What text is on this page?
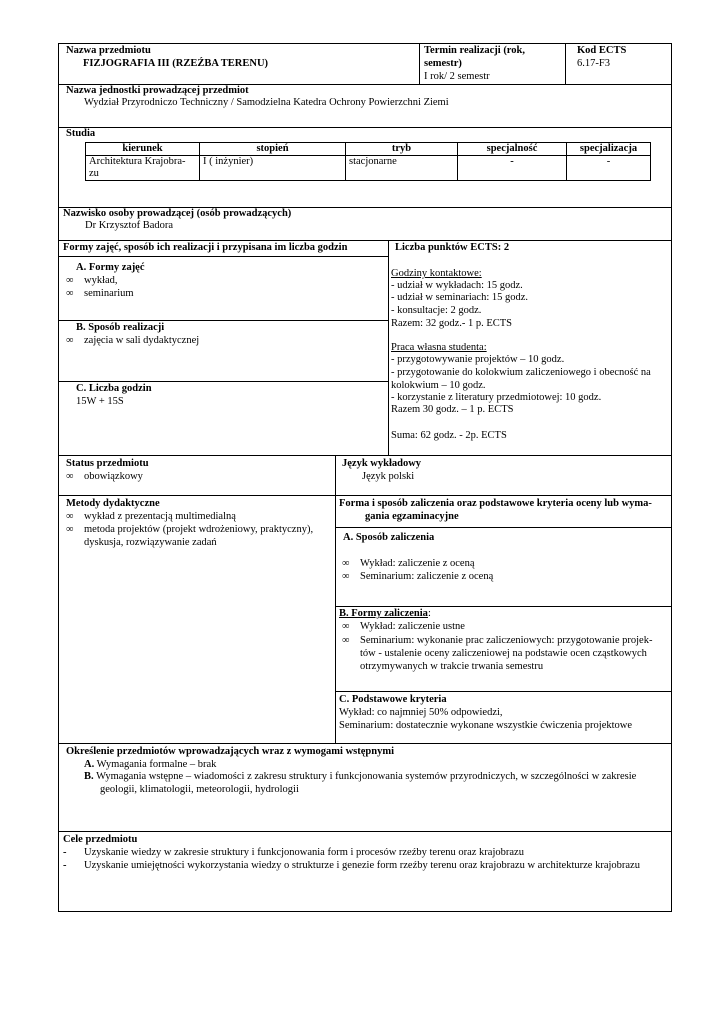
Nazwa przedmiotu
FIZJOGRAFIA III (RZEŹBA TERENU)
Termin realizacji (rok,
semestr)
I rok/ 2 semestr
Kod ECTS
6.17-F3
Nazwa jednostki prowadzącej przedmiot
Wydział Przyrodniczo Techniczny / Samodzielna Katedra Ochrony Powierzchni Ziemi
Studia
kierunek	stopień	tryb	specjalność	specjalizacja

Architektura Krajobra-
zu	I ( inżynier)	stacjonarne	-	-
Nazwisko osoby prowadzącej (osób prowadzących)
Dr Krzysztof Badora
Formy zajęć, sposób ich realizacji i przypisana im liczba godzin
A. Formy zajęć
∞ wykład,
∞ seminarium
B. Sposób realizacji
∞ zajęcia w sali dydaktycznej
C. Liczba godzin
15W + 15S
Liczba punktów ECTS: 2
Godziny kontaktowe:
- udział w wykładach: 15 godz.
- udział w seminariach: 15 godz.
- konsultacje: 2 godz.
Razem: 32 godz.- 1 p. ECTS
Praca własna studenta:
- przygotowywanie projektów – 10 godz.
- przygotowanie do kolokwium zaliczeniowego i obecność na
kolokwium – 10 godz.
- korzystanie z literatury przedmiotowej: 10 godz.
Razem 30 godz. – 1 p. ECTS
Suma: 62 godz. - 2p. ECTS
Status przedmiotu
∞ obowiązkowy
Język wykładowy
Język polski
Metody dydaktyczne
∞ wykład z prezentacją multimedialną
∞ metoda projektów (projekt wdrożeniowy, praktyczny),
dyskusja, rozwiązywanie zadań
Forma i sposób zaliczenia oraz podstawowe kryteria oceny lub wyma-
gania egzaminacyjne
A. Sposób zaliczenia
∞ Wykład: zaliczenie z oceną
∞ Seminarium: zaliczenie z oceną
B. Formy zaliczenia:
∞ Wykład: zaliczenie ustne
∞ Seminarium: wykonanie prac zaliczeniowych: przygotowanie projek-
tów - ustalenie oceny zaliczeniowej na podstawie ocen cząstkowych
otrzymywanych w trakcie trwania semestru
C. Podstawowe kryteria
Wykład: co najmniej 50% odpowiedzi,
Seminarium: dostatecznie wykonane wszystkie ćwiczenia projektowe
Określenie przedmiotów wprowadzających wraz z wymogami wstępnymi
A. Wymagania formalne – brak
B. Wymagania wstępne – wiadomości z zakresu struktury i funkcjonowania systemów przyrodniczych, w szczególności w zakresie
geologii, klimatologii, meteorologii, hydrologii
Cele przedmiotu
- Uzyskanie wiedzy w zakresie struktury i funkcjonowania form i procesów rzeźby terenu oraz krajobrazu
- Uzyskanie umiejętności wykorzystania wiedzy o strukturze i genezie form rzeźby terenu oraz krajobrazu w architekturze krajobrazu
